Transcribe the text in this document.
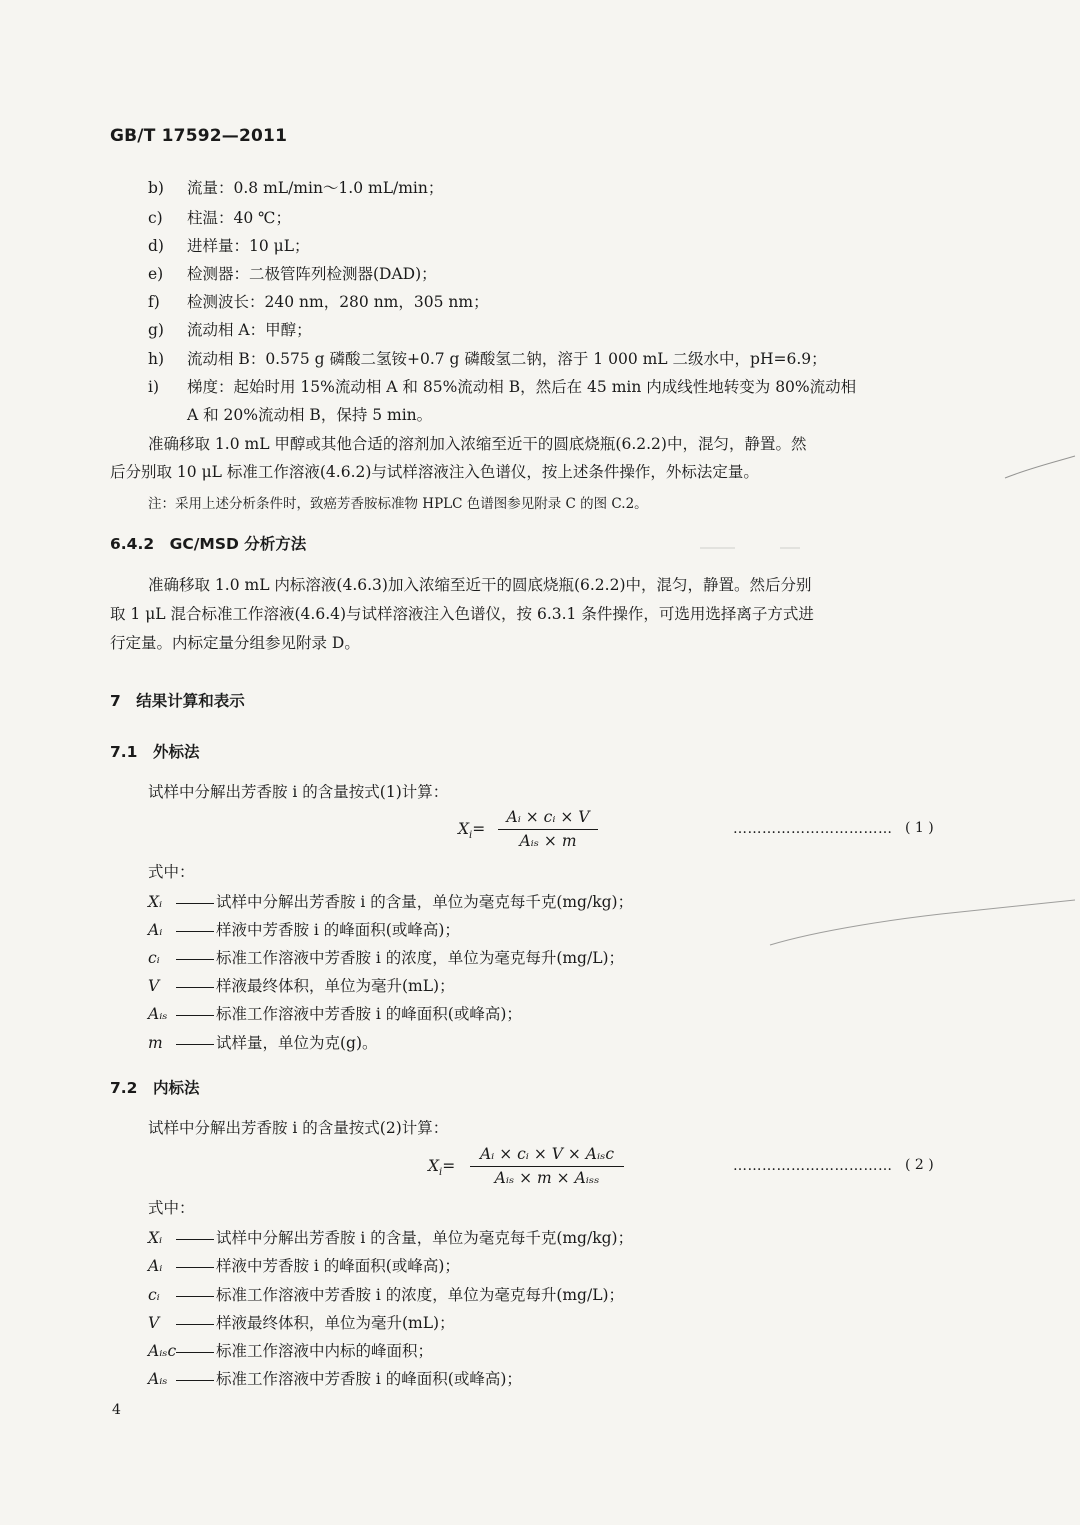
GB/T 17592—2011
b) 流量：0.8 mL/min～1.0 mL/min；
c) 柱温：40 ℃；
d) 进样量：10 μL；
e) 检测器：二极管阵列检测器(DAD)；
f) 检测波长：240 nm，280 nm，305 nm；
g) 流动相 A：甲醇；
h) 流动相 B：0.575 g 磷酸二氢铵+0.7 g 磷酸氢二钠，溶于 1 000 mL 二级水中，pH=6.9；
i) 梯度：起始时用 15%流动相 A 和 85%流动相 B，然后在 45 min 内成线性地转变为 80%流动相
A 和 20%流动相 B，保持 5 min。
准确移取 1.0 mL 甲醇或其他合适的溶剂加入浓缩至近干的圆底烧瓶(6.2.2)中，混匀，静置。然
后分别取 10 μL 标准工作溶液(4.6.2)与试样溶液注入色谱仪，按上述条件操作，外标法定量。
注：采用上述分析条件时，致癌芳香胺标准物 HPLC 色谱图参见附录 C 的图 C.2。
6.4.2　GC/MSD 分析方法
准确移取 1.0 mL 内标溶液(4.6.3)加入浓缩至近干的圆底烧瓶(6.2.2)中，混匀，静置。然后分别
取 1 μL 混合标准工作溶液(4.6.4)与试样溶液注入色谱仪，按 6.3.1 条件操作，可选用选择离子方式进
行定量。内标定量分组参见附录 D。
7　结果计算和表示
7.1　外标法
试样中分解出芳香胺 i 的含量按式(1)计算：
$X_i=$
Aᵢ × cᵢ × V
Aᵢₛ × m
…………………………… ( 1 )
式中：
Xᵢ	试样中分解出芳香胺 i 的含量，单位为毫克每千克(mg/kg)；
Aᵢ	样液中芳香胺 i 的峰面积(或峰高)；
cᵢ	标准工作溶液中芳香胺 i 的浓度，单位为毫克每升(mg/L)；
V	样液最终体积，单位为毫升(mL)；
Aᵢₛ	标准工作溶液中芳香胺 i 的峰面积(或峰高)；
m	试样量，单位为克(g)。
7.2　内标法
试样中分解出芳香胺 i 的含量按式(2)计算：
$X_i=$
Aᵢ × cᵢ × V × Aᵢₛc
Aᵢₛ × m × Aᵢₛₛ
…………………………… ( 2 )
式中：
Xᵢ	试样中分解出芳香胺 i 的含量，单位为毫克每千克(mg/kg)；
Aᵢ	样液中芳香胺 i 的峰面积(或峰高)；
cᵢ	标准工作溶液中芳香胺 i 的浓度，单位为毫克每升(mg/L)；
V	样液最终体积，单位为毫升(mL)；
Aᵢₛc	标准工作溶液中内标的峰面积；
Aᵢₛ	标准工作溶液中芳香胺 i 的峰面积(或峰高)；
4
